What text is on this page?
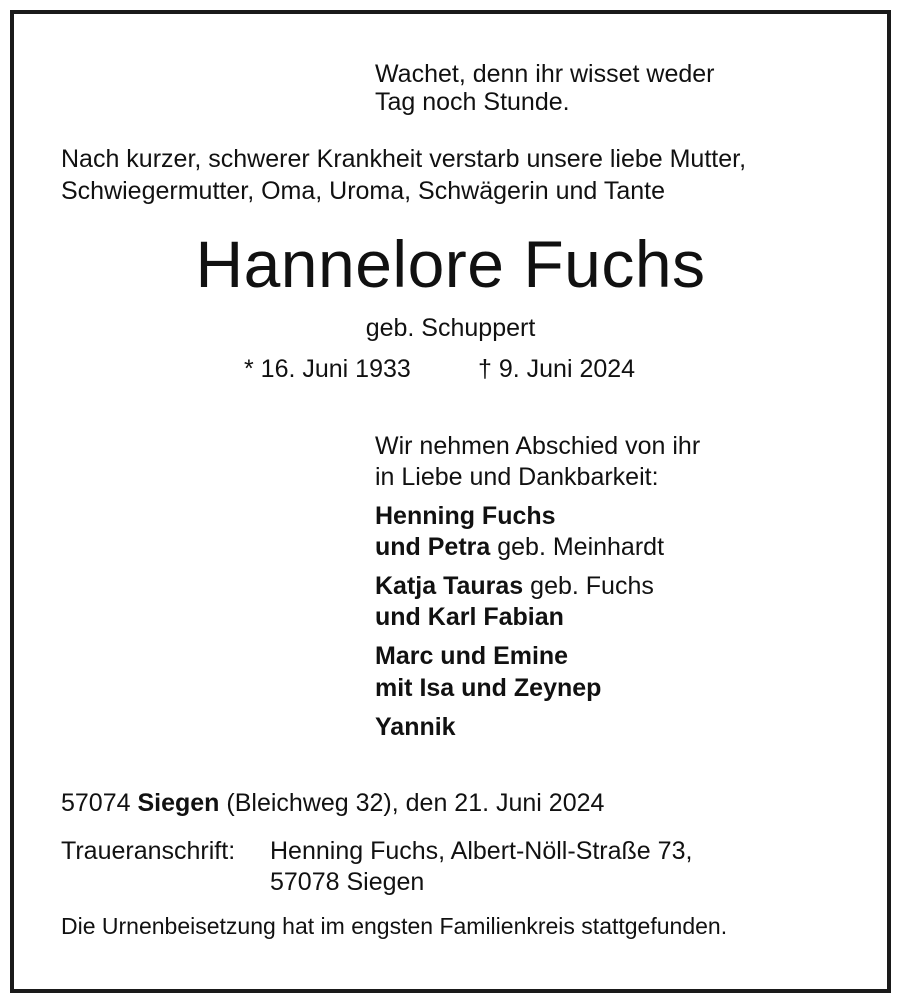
Wachet, denn ihr wisset weder
Tag noch Stunde.
Nach kurzer, schwerer Krankheit verstarb unsere liebe Mutter,
Schwiegermutter, Oma, Uroma, Schwägerin und Tante
Hannelore Fuchs
geb. Schuppert
* 16. Juni 1933	† 9. Juni 2024
Wir nehmen Abschied von ihr
in Liebe und Dankbarkeit:
Henning Fuchs
und Petra geb. Meinhardt
Katja Tauras geb. Fuchs
und Karl Fabian
Marc und Emine
mit Isa und Zeynep
Yannik
57074 Siegen (Bleichweg 32), den 21. Juni 2024
Traueranschrift: Henning Fuchs, Albert-Nöll-Straße 73,
57078 Siegen
Die Urnenbeisetzung hat im engsten Familienkreis stattgefunden.
